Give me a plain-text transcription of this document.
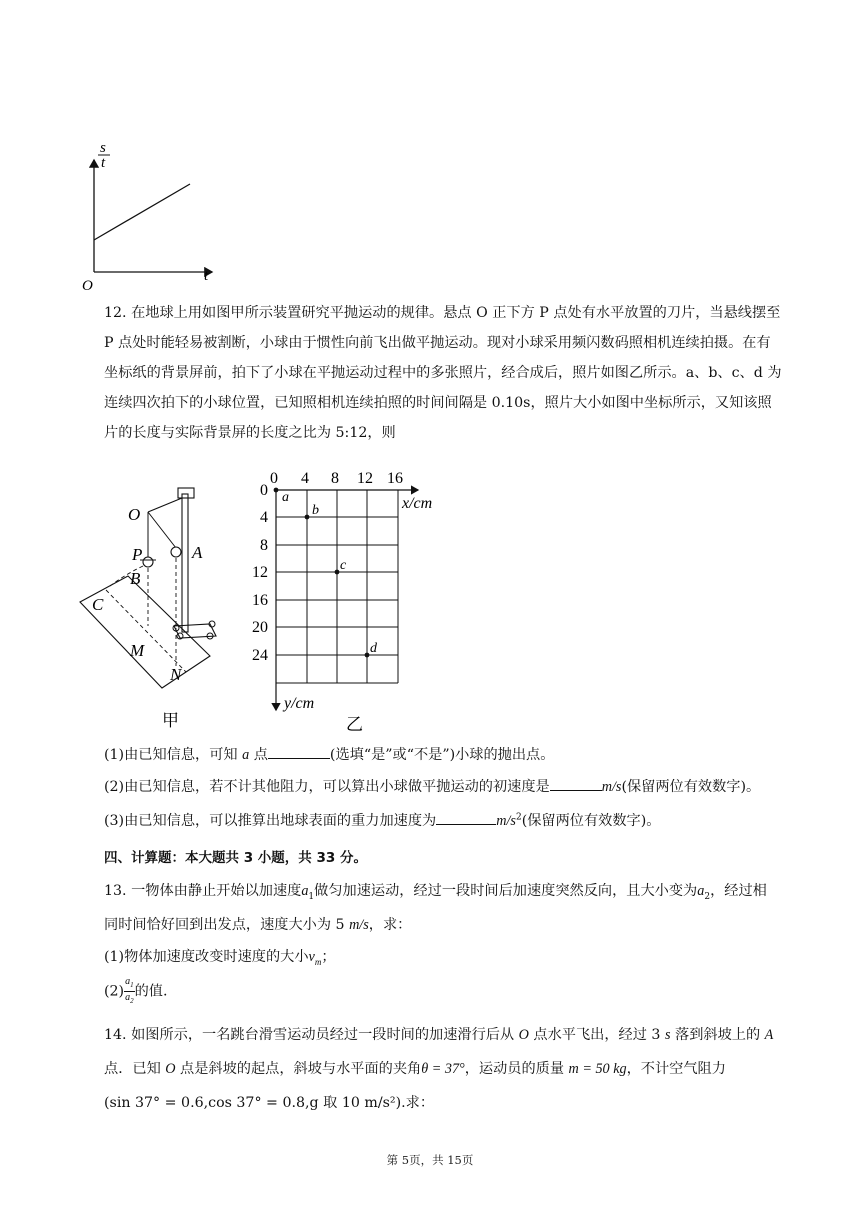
s
t
t
O
12. 在地球上用如图甲所示装置研究平抛运动的规律。悬点 O 正下方 P 点处有水平放置的刀片，当悬线摆至 P 点处时能轻易被割断，小球由于惯性向前飞出做平抛运动。现对小球采用频闪数码照相机连续拍摄。在有坐标纸的背景屏前，拍下了小球在平抛运动过程中的多张照片，经合成后，照片如图乙所示。a、b、c、d 为连续四次拍下的小球位置，已知照相机连续拍照的时间间隔是 0.10s，照片大小如图中坐标所示，又知该照片的长度与实际背景屏的长度之比为 5:12，则
O
P	A
B
C
M
N
甲
0 4 8 12 16
0
4
8
12
16
20
24
x/cm
y/cm
a
b
c
d
乙
(1)由已知信息，可知 a 点	(选填“是”或“不是”)小球的抛出点。
(2)由已知信息，若不计其他阻力，可以算出小球做平抛运动的初速度是	m/s(保留两位有效数字)。
(3)由已知信息，可以推算出地球表面的重力加速度为	$m/s^2$(保留两位有效数字)。
四、计算题：本大题共 3 小题，共 33 分。
13. 一物体由静止开始以加速度$a_1$做匀加速运动，经过一段时间后加速度突然反向，且大小变为$a_2$，经过相
同时间恰好回到出发点，速度大小为 5 m/s，求：
(1)物体加速度改变时速度的大小$v_m$；
$(2) \frac{a_1}{a_2}$ 的值.
14. 如图所示，一名跳台滑雪运动员经过一段时间的加速滑行后从 O 点水平飞出，经过 3 s 落到斜坡上的 A
点．已知 O 点是斜坡的起点，斜坡与水平面的夹角θ = 37°，运动员的质量 m = 50 kg，不计空气阻力
(sin 37° = 0.6,cos 37° = 0.8,g 取 10 m/s²).求：
第 5页，共 15页
